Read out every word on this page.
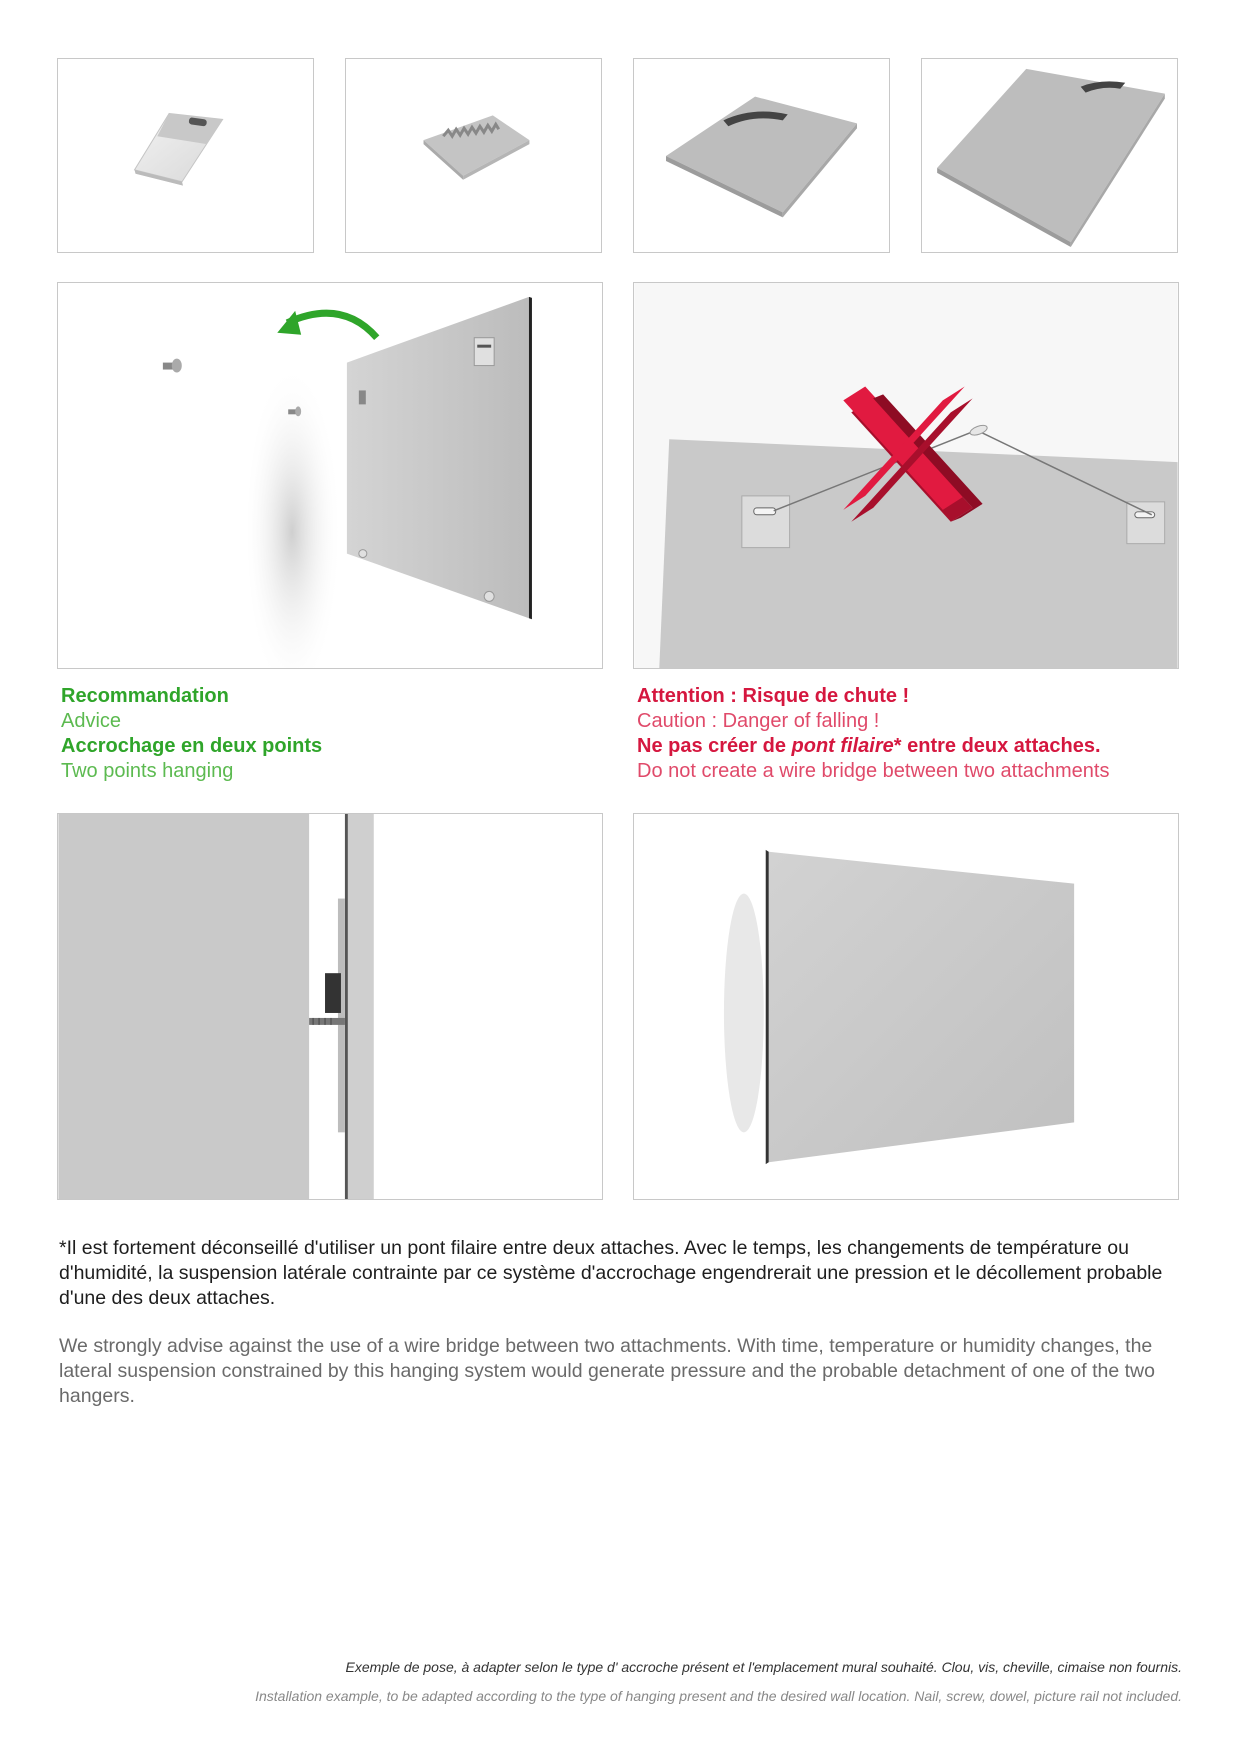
Recommandation
Advice
Accrochage en deux points
Two points hanging
Attention : Risque de chute !
Caution : Danger of falling !
Ne pas créer de pont filaire* entre deux attaches.
Do not create a wire bridge between two attachments
*Il est fortement déconseillé d'utiliser un pont filaire entre deux attaches. Avec le temps, les changements de température ou d'humidité, la suspension latérale contrainte par ce système d'accrochage engendrerait une pression et le décollement probable d'une des deux attaches.
We strongly advise against the use of a wire bridge between two attachments. With time, temperature or humidity changes, the lateral suspension constrained by this hanging system would generate pressure and the probable detachment of one of the two hangers.
Exemple de pose, à adapter selon le type d' accroche présent et l'emplacement mural souhaité. Clou, vis, cheville, cimaise non fournis.
Installation example, to be adapted according to the type of hanging present and the desired wall location. Nail, screw, dowel, picture rail not included.
